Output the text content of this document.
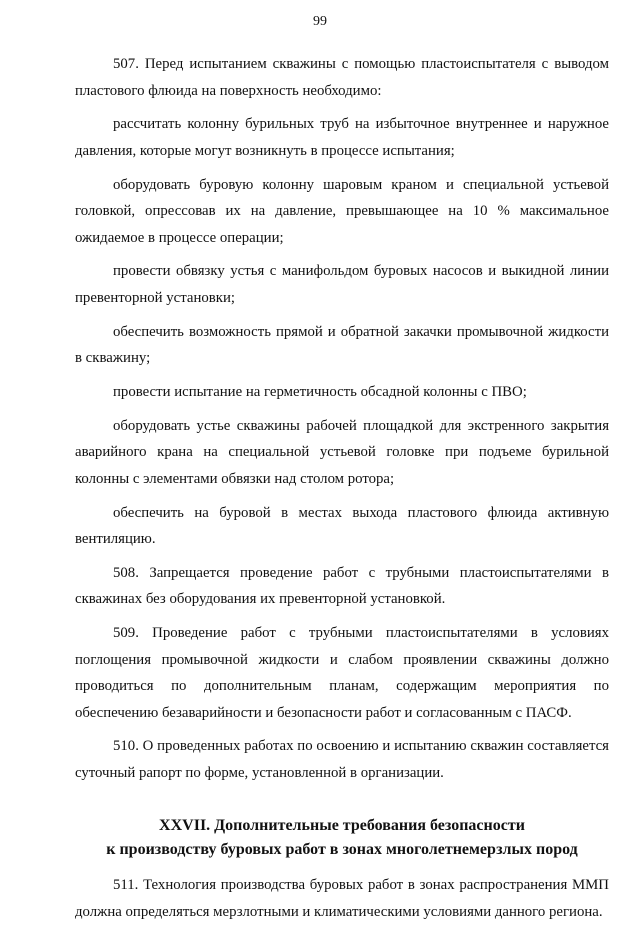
99

507. Перед испытанием скважины с помощью пластоиспытателя с выводом пластового флюида на поверхность необходимо:

рассчитать колонну бурильных труб на избыточное внутреннее и наружное давления, которые могут возникнуть в процессе испытания;

оборудовать буровую колонну шаровым краном и специальной устьевой головкой, опрессовав их на давление, превышающее на 10 % максимальное ожидаемое в процессе операции;

провести обвязку устья с манифольдом буровых насосов и выкидной линии превенторной установки;

обеспечить возможность прямой и обратной закачки промывочной жидкости в скважину;

провести испытание на герметичность обсадной колонны с ПВО;

оборудовать устье скважины рабочей площадкой для экстренного закрытия аварийного крана на специальной устьевой головке при подъеме бурильной колонны с элементами обвязки над столом ротора;

обеспечить на буровой в местах выхода пластового флюида активную вентиляцию.

508. Запрещается проведение работ с трубными пластоиспытателями в скважинах без оборудования их превенторной установкой.

509. Проведение работ с трубными пластоиспытателями в условиях поглощения промывочной жидкости и слабом проявлении скважины должно проводиться по дополнительным планам, содержащим мероприятия по обеспечению безаварийности и безопасности работ и согласованным с ПАСФ.

510. О проведенных работах по освоению и испытанию скважин составляется суточный рапорт по форме, установленной в организации.

XXVII. Дополнительные требования безопасности
к производству буровых работ в зонах многолетнемерзлых пород

511. Технология производства буровых работ в зонах распространения ММП должна определяться мерзлотными и климатическими условиями данного региона.
